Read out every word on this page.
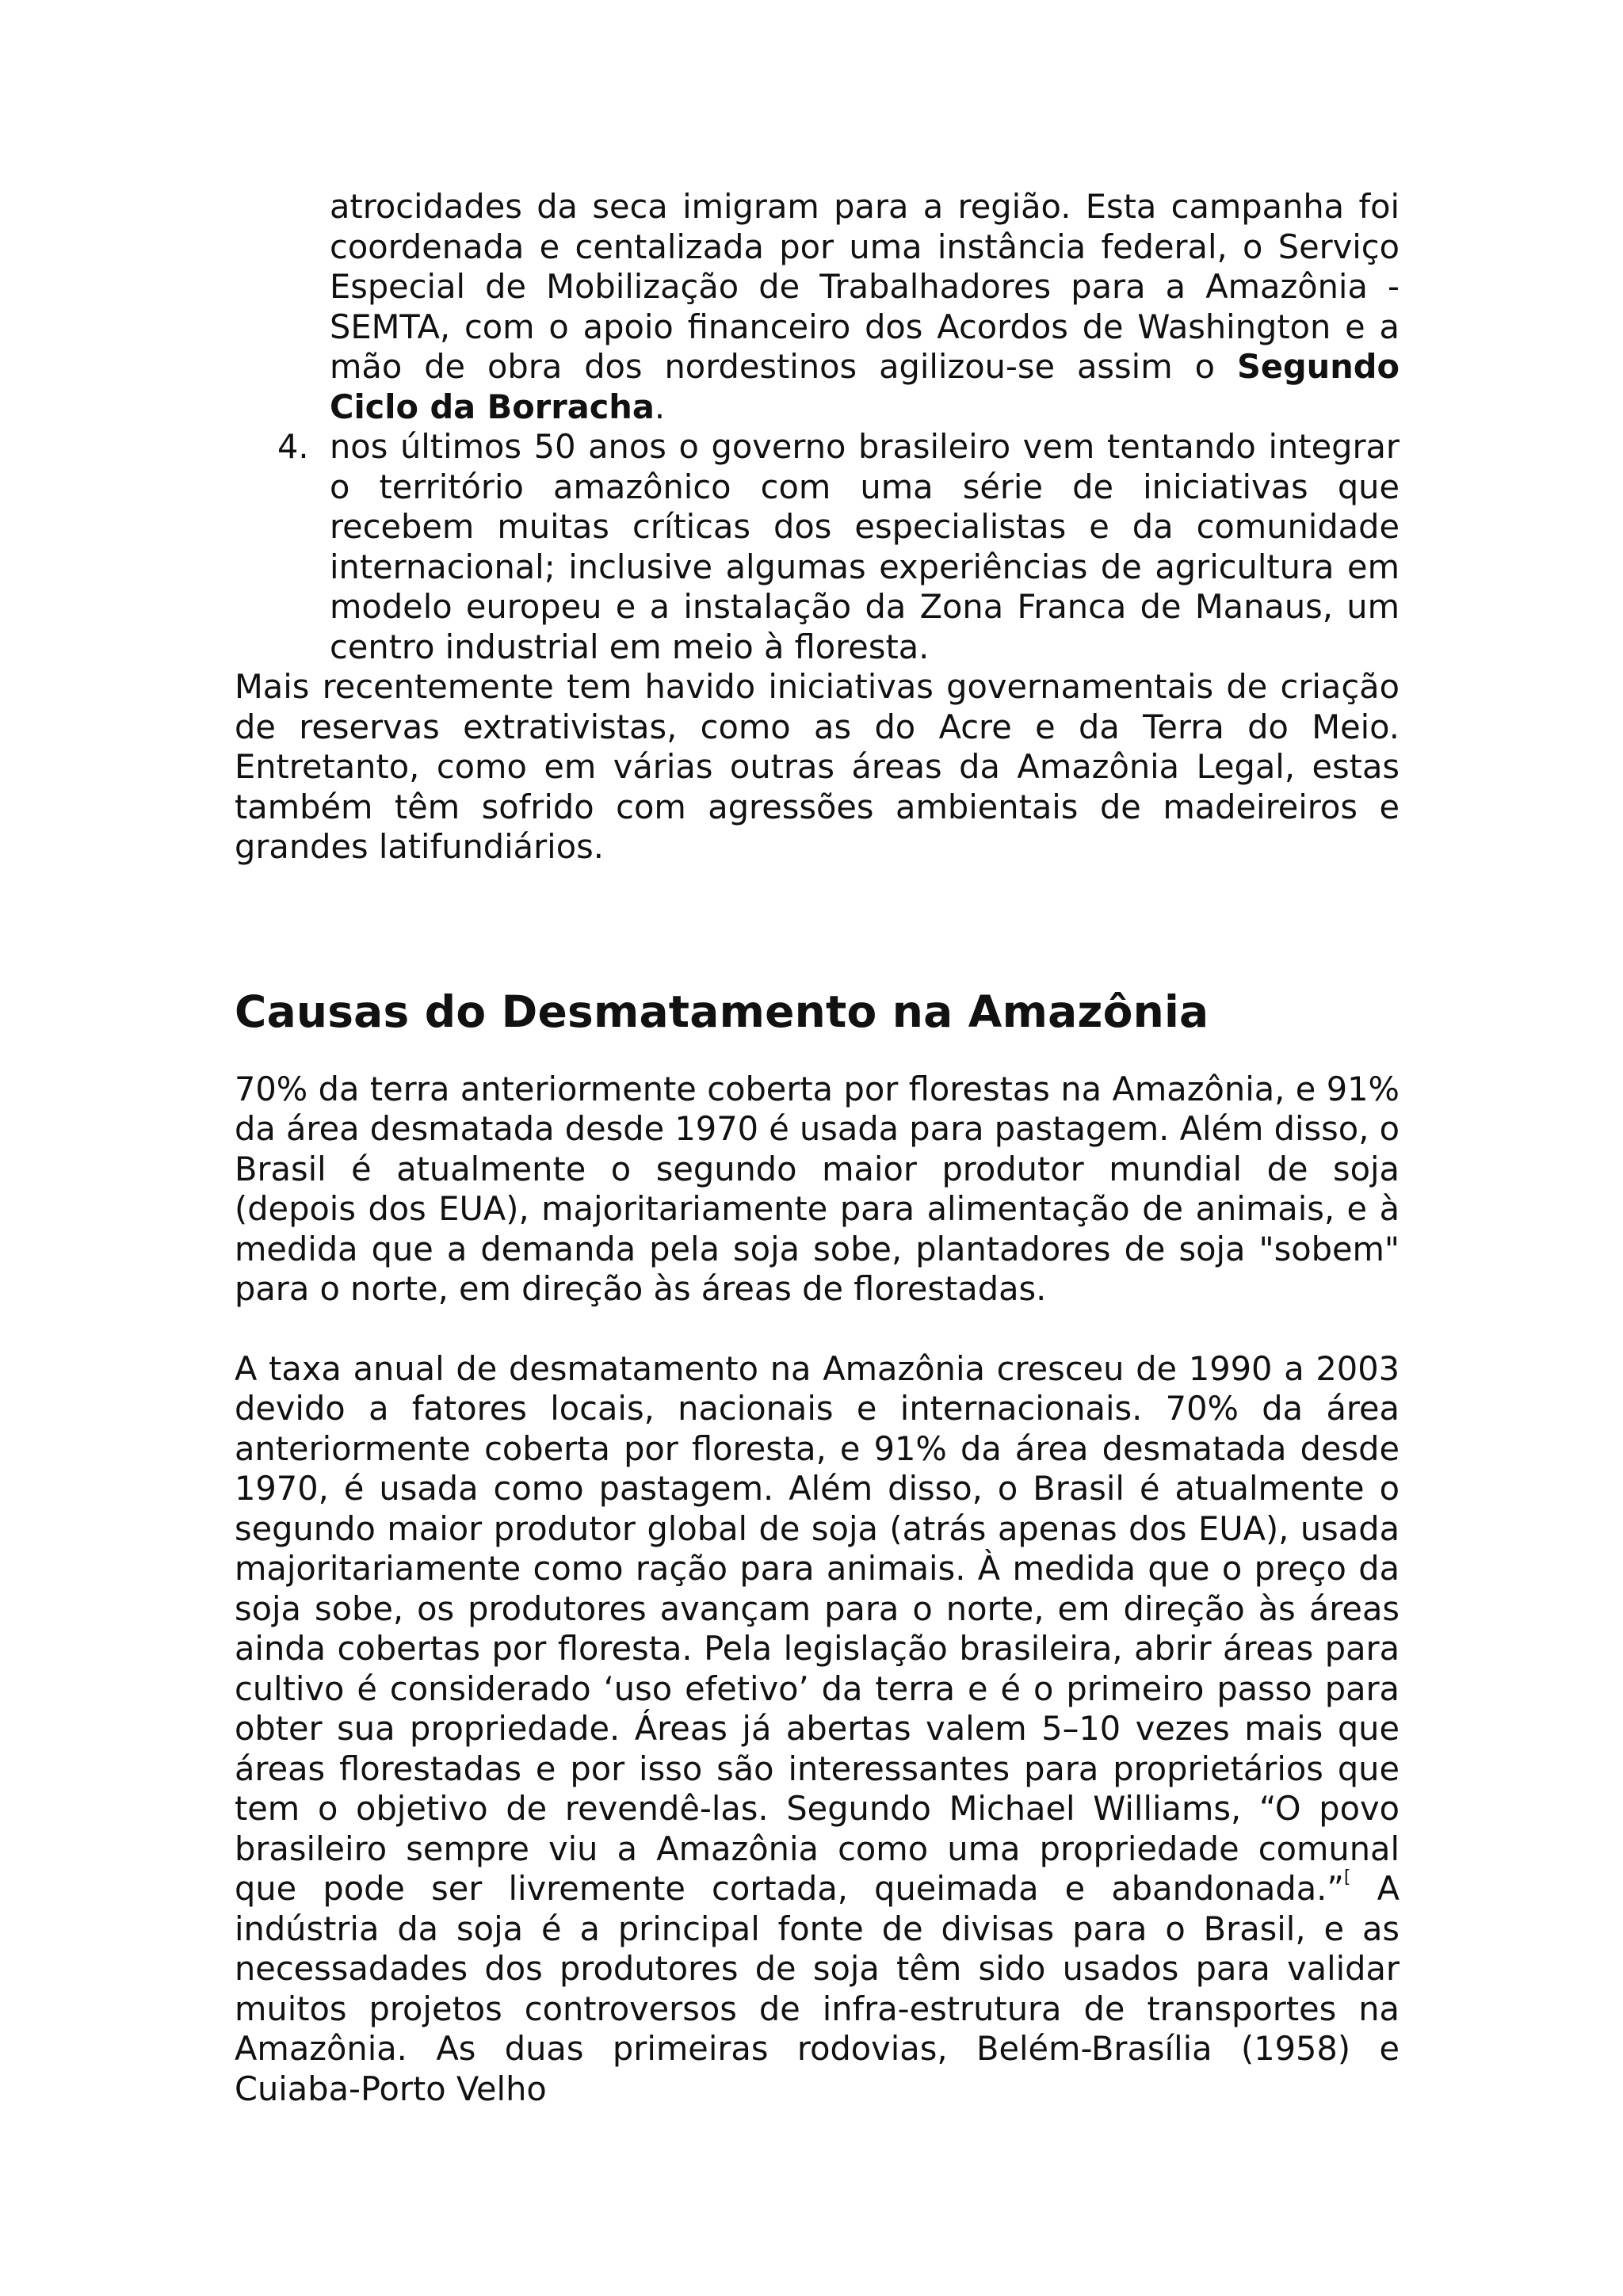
atrocidades da seca imigram para a região. Esta campanha foi coordenada e centalizada por uma instância federal, o Serviço Especial de Mobilização de Trabalhadores para a Amazônia - SEMTA, com o apoio financeiro dos Acordos de Washington e a mão de obra dos nordestinos agilizou-se assim o Segundo Ciclo da Borracha.

4. nos últimos 50 anos o governo brasileiro vem tentando integrar o território amazônico com uma série de iniciativas que recebem muitas críticas dos especialistas e da comunidade internacional; inclusive algumas experiências de agricultura em modelo europeu e a instalação da Zona Franca de Manaus, um centro industrial em meio à floresta.

Mais recentemente tem havido iniciativas governamentais de criação de reservas extrativistas, como as do Acre e da Terra do Meio. Entretanto, como em várias outras áreas da Amazônia Legal, estas também têm sofrido com agressões ambientais de madeireiros e grandes latifundiários.

Causas do Desmatamento na Amazônia

70% da terra anteriormente coberta por florestas na Amazônia, e 91% da área desmatada desde 1970 é usada para pastagem. Além disso, o Brasil é atualmente o segundo maior produtor mundial de soja (depois dos EUA), majoritariamente para alimentação de animais, e à medida que a demanda pela soja sobe, plantadores de soja "sobem" para o norte, em direção às áreas de florestadas.

A taxa anual de desmatamento na Amazônia cresceu de 1990 a 2003 devido a fatores locais, nacionais e internacionais. 70% da área anteriormente coberta por floresta, e 91% da área desmatada desde 1970, é usada como pastagem. Além disso, o Brasil é atualmente o segundo maior produtor global de soja (atrás apenas dos EUA), usada majoritariamente como ração para animais. À medida que o preço da soja sobe, os produtores avançam para o norte, em direção às áreas ainda cobertas por floresta. Pela legislação brasileira, abrir áreas para cultivo é considerado ‘uso efetivo’ da terra e é o primeiro passo para obter sua propriedade. Áreas já abertas valem 5–10 vezes mais que áreas florestadas e por isso são interessantes para proprietários que tem o objetivo de revendê-las. Segundo Michael Williams, “O povo brasileiro sempre viu a Amazônia como uma propriedade comunal que pode ser livremente cortada, queimada e abandonada.”[ A indústria da soja é a principal fonte de divisas para o Brasil, e as necessadades dos produtores de soja têm sido usados para validar muitos projetos controversos de infra-estrutura de transportes na Amazônia. As duas primeiras rodovias, Belém-Brasília (1958) e Cuiaba-Porto Velho
